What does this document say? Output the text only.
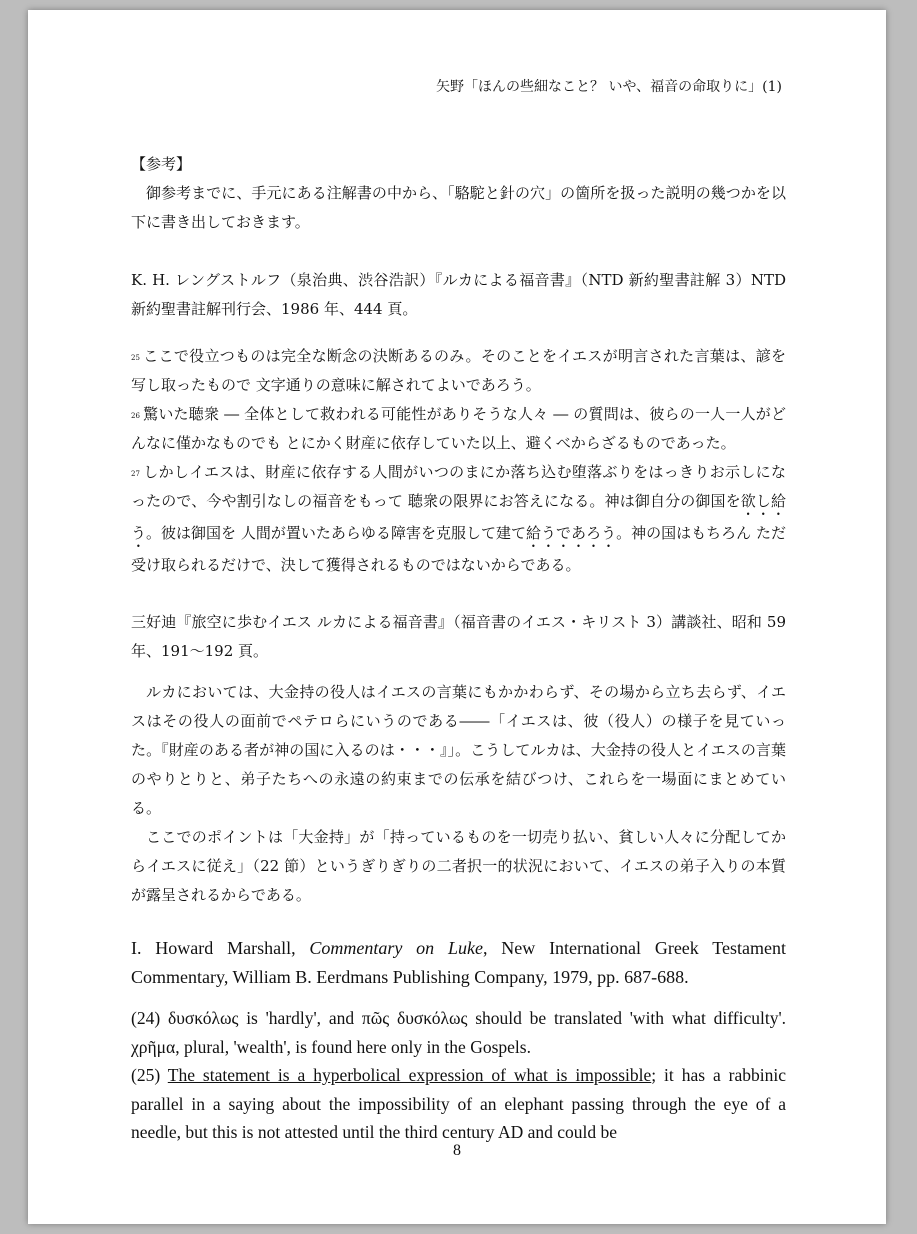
矢野「ほんの些細なこと？ いや、福音の命取りに」(1)

【参考】

御参考までに、手元にある注解書の中から、「駱駝と針の穴」の箇所を扱った説明の幾つかを以下に書き出しておきます。

K. H. レングストルフ（泉治典、渋谷浩訳）『ルカによる福音書』（NTD 新約聖書註解 3）NTD 新約聖書註解刊行会、1986 年、444 頁。

$^{25}$ ここで役立つものは完全な断念の決断あるのみ。そのことをイエスが明言された言葉は、諺を写し取ったもので 文字通りの意味に解されてよいであろう。

$^{26}$ 驚いた聴衆 ― 全体として救われる可能性がありそうな人々 ― の質問は、彼らの一人一人がどんなに僅かなものでも とにかく財産に依存していた以上、避くべからざるものであった。

$^{27}$ しかしイエスは、財産に依存する人間がいつのまにか落ち込む堕落ぶりをはっきりお示しになったので、今や割引なしの福音をもって 聴衆の限界にお答えになる。神は御自分の御国を欲し給う。彼は御国を 人間が置いたあらゆる障害を克服して建て給うであろう。神の国はもちろん ただ受け取られるだけで、決して獲得されるものではないからである。

三好迪『旅空に歩むイエス ルカによる福音書』（福音書のイエス・キリスト 3）講談社、昭和 59 年、191〜192 頁。

ルカにおいては、大金持の役人はイエスの言葉にもかかわらず、その場から立ち去らず、イエスはその役人の面前でペテロらにいうのである――「イエスは、彼（役人）の様子を見ていった。『財産のある者が神の国に入るのは・・・』」。こうしてルカは、大金持の役人とイエスの言葉のやりとりと、弟子たちへの永遠の約束までの伝承を結びつけ、これらを一場面にまとめている。

ここでのポイントは「大金持」が「持っているものを一切売り払い、貧しい人々に分配してからイエスに従え」（22 節）というぎりぎりの二者択一的状況において、イエスの弟子入りの本質が露呈されるからである。

I. Howard Marshall, Commentary on Luke, New International Greek Testament Commentary, William B. Eerdmans Publishing Company, 1979, pp. 687-688.

(24) δυσκόλως is 'hardly', and πῶς δυσκόλως should be translated 'with what difficulty'.　χρῆμα, plural, 'wealth', is found here only in the Gospels.

(25) The statement is a hyperbolical expression of what is impossible; it has a rabbinic parallel in a saying about the impossibility of an elephant passing through the eye of a needle, but this is not attested until the third century AD and could be

8
